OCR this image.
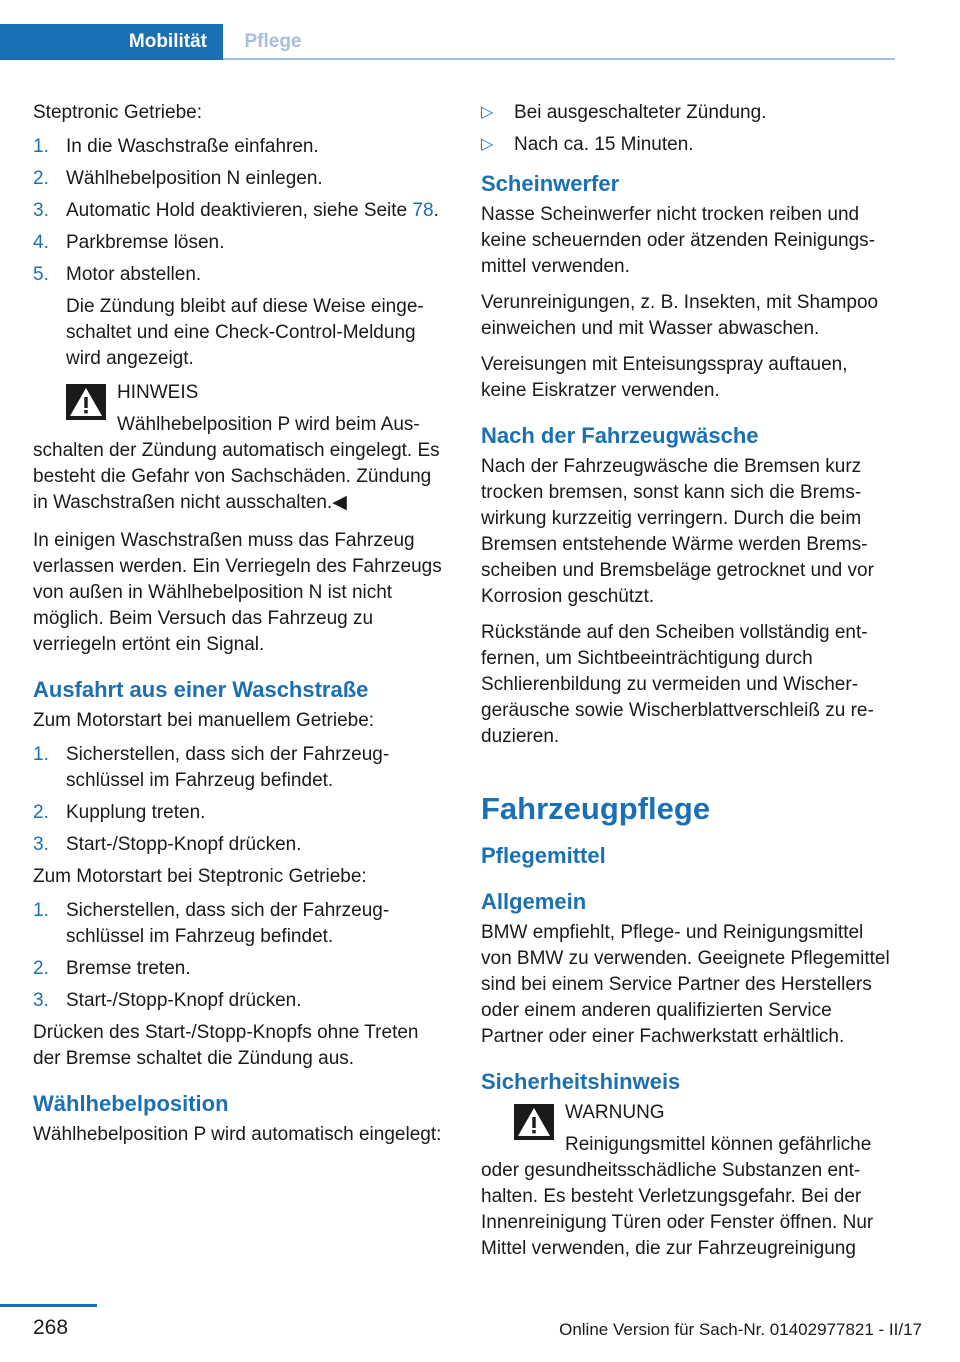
Mobilität	Pflege

Steptronic Getriebe:

1. In die Waschstraße einfahren.
2. Wählhebelposition N einlegen.
3. Automatic Hold deaktivieren, siehe Seite 78.
4. Parkbremse lösen.
5. Motor abstellen.
Die Zündung bleibt auf diese Weise eingeschaltet und eine Check-Control-Meldung wird angezeigt.
HINWEIS
Wählhebelposition P wird beim Ausschalten der Zündung automatisch eingelegt. Es besteht die Gefahr von Sachschäden. Zündung in Waschstraßen nicht ausschalten.◀

In einigen Waschstraßen muss das Fahrzeug verlassen werden. Ein Verriegeln des Fahrzeugs von außen in Wählhebelposition N ist nicht möglich. Beim Versuch das Fahrzeug zu verriegeln ertönt ein Signal.

Ausfahrt aus einer Waschstraße

Zum Motorstart bei manuellem Getriebe:

1. Sicherstellen, dass sich der Fahrzeugschlüssel im Fahrzeug befindet.
2. Kupplung treten.
3. Start-/Stopp-Knopf drücken.

Zum Motorstart bei Steptronic Getriebe:

1. Sicherstellen, dass sich der Fahrzeugschlüssel im Fahrzeug befindet.
2. Bremse treten.
3. Start-/Stopp-Knopf drücken.

Drücken des Start-/Stopp-Knopfs ohne Treten der Bremse schaltet die Zündung aus.

Wählhebelposition

Wählhebelposition P wird automatisch eingelegt:

▷ Bei ausgeschalteter Zündung.
▷ Nach ca. 15 Minuten.
Scheinwerfer

Nasse Scheinwerfer nicht trocken reiben und keine scheuernden oder ätzenden Reinigungsmittel verwenden.

Verunreinigungen, z. B. Insekten, mit Shampoo einweichen und mit Wasser abwaschen.

Vereisungen mit Enteisungsspray auftauen, keine Eiskratzer verwenden.

Nach der Fahrzeugwäsche

Nach der Fahrzeugwäsche die Bremsen kurz trocken bremsen, sonst kann sich die Bremswirkung kurzzeitig verringern. Durch die beim Bremsen entstehende Wärme werden Bremsscheiben und Bremsbeläge getrocknet und vor Korrosion geschützt.

Rückstände auf den Scheiben vollständig entfernen, um Sichtbeeinträchtigung durch Schlierenbildung zu vermeiden und Wischergeräusche sowie Wischerblattverschleiß zu reduzieren.

Fahrzeugpflege
Pflegemittel
Allgemein

BMW empfiehlt, Pflege- und Reinigungsmittel von BMW zu verwenden. Geeignete Pflegemittel sind bei einem Service Partner des Herstellers oder einem anderen qualifizierten Service Partner oder einer Fachwerkstatt erhältlich.

Sicherheitshinweis
WARNUNG
Reinigungsmittel können gefährliche oder gesundheitsschädliche Substanzen enthalten. Es besteht Verletzungsgefahr. Bei der Innenreinigung Türen oder Fenster öffnen. Nur Mittel verwenden, die zur Fahrzeugreinigung
268	Online Version für Sach-Nr. 01402977821 - II/17
